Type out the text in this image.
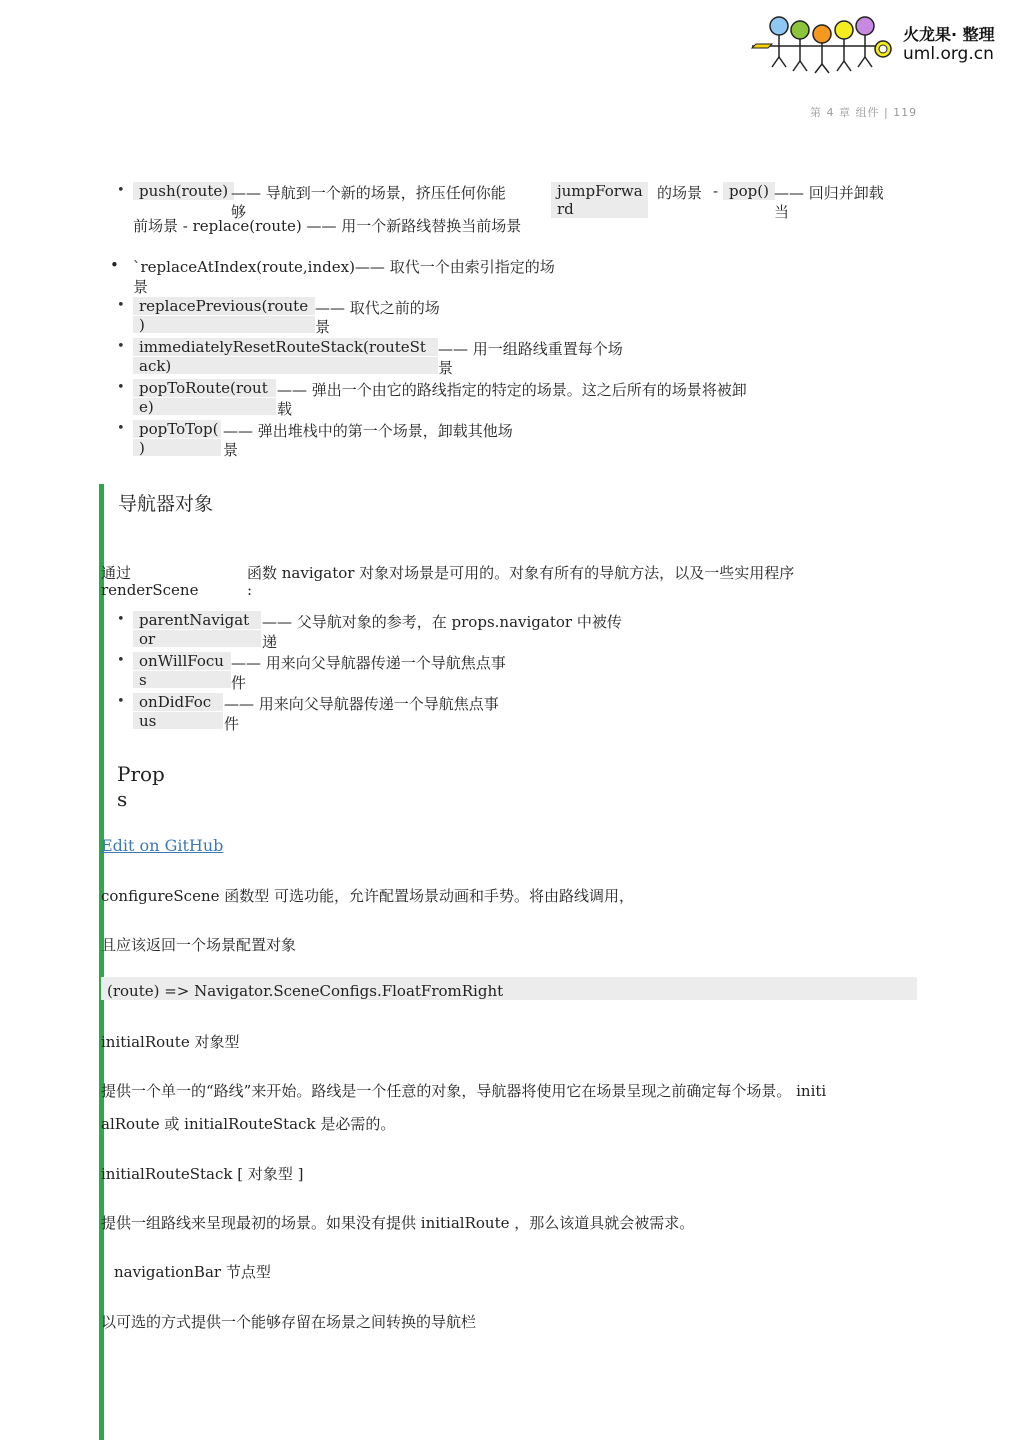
火龙果· 整理
uml.org.cn
第 4 章 组件 | 119
• push(route) —— 导航到一个新的场景，挤压任何你能
够
jumpForwa
rd
的场景 - pop() —— 回归并卸载
当
前场景 - replace(route) —— 用一个新路线替换当前场景
• `replaceAtIndex(route,index)—— 取代一个由索引指定的场
景
• replacePrevious(route
)
—— 取代之前的场
景
• immediatelyResetRouteStack(routeSt
ack)
—— 用一组路线重置每个场
景
• popToRoute(rout
e)
—— 弹出一个由它的路线指定的特定的场景。这之后所有的场景将被卸
载
• popToTop(
)
—— 弹出堆栈中的第一个场景，卸载其他场
景
导航器对象
通过
renderScene
函数 navigator 对象对场景是可用的。对象有所有的导航方法，以及一些实用程序
:
• parentNavigat
or
—— 父导航对象的参考，在 props.navigator 中被传
递
• onWillFocu
s
—— 用来向父导航器传递一个导航焦点事
件
• onDidFoc
us
—— 用来向父导航器传递一个导航焦点事
件
Prop
s
Edit on GitHub
configureScene 函数型 可选功能，允许配置场景动画和手势。将由路线调用，
且应该返回一个场景配置对象
(route) => Navigator.SceneConfigs.FloatFromRight
initialRoute 对象型
提供一个单一的“路线”来开始。路线是一个任意的对象，导航器将使用它在场景呈现之前确定每个场景。 initi
alRoute 或 initialRouteStack 是必需的。
initialRouteStack [ 对象型 ]
提供一组路线来呈现最初的场景。如果没有提供 initialRoute ，那么该道具就会被需求。
navigationBar 节点型
以可选的方式提供一个能够存留在场景之间转换的导航栏
